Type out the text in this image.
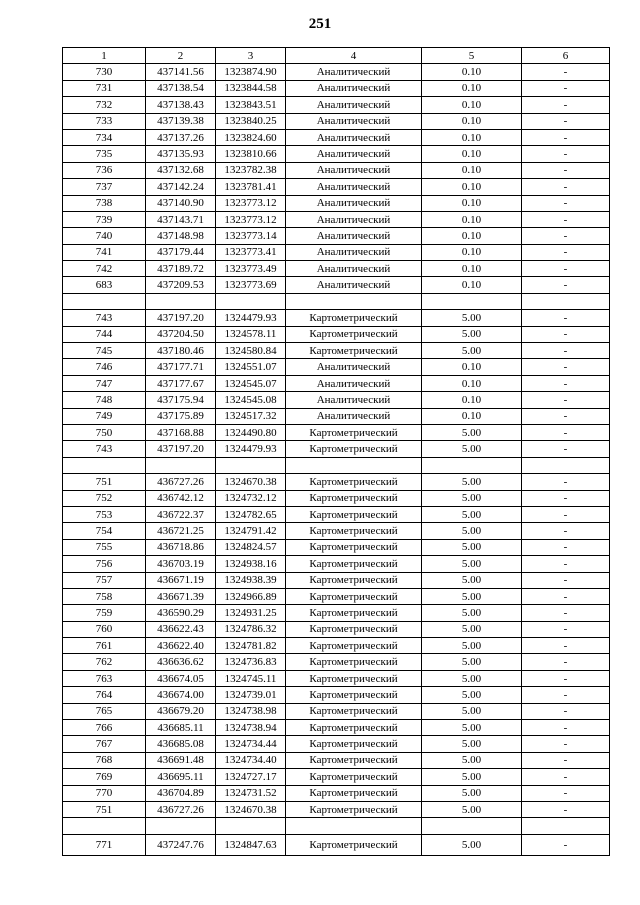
251
1	2	3	4	5	6
730	437141.56	1323874.90	Аналитический	0.10	-
731	437138.54	1323844.58	Аналитический	0.10	-
732	437138.43	1323843.51	Аналитический	0.10	-
733	437139.38	1323840.25	Аналитический	0.10	-
734	437137.26	1323824.60	Аналитический	0.10	-
735	437135.93	1323810.66	Аналитический	0.10	-
736	437132.68	1323782.38	Аналитический	0.10	-
737	437142.24	1323781.41	Аналитический	0.10	-
738	437140.90	1323773.12	Аналитический	0.10	-
739	437143.71	1323773.12	Аналитический	0.10	-
740	437148.98	1323773.14	Аналитический	0.10	-
741	437179.44	1323773.41	Аналитический	0.10	-
742	437189.72	1323773.49	Аналитический	0.10	-
683	437209.53	1323773.69	Аналитический	0.10	-

743	437197.20	1324479.93	Картометрический	5.00	-
744	437204.50	1324578.11	Картометрический	5.00	-
745	437180.46	1324580.84	Картометрический	5.00	-
746	437177.71	1324551.07	Аналитический	0.10	-
747	437177.67	1324545.07	Аналитический	0.10	-
748	437175.94	1324545.08	Аналитический	0.10	-
749	437175.89	1324517.32	Аналитический	0.10	-
750	437168.88	1324490.80	Картометрический	5.00	-
743	437197.20	1324479.93	Картометрический	5.00	-

751	436727.26	1324670.38	Картометрический	5.00	-
752	436742.12	1324732.12	Картометрический	5.00	-
753	436722.37	1324782.65	Картометрический	5.00	-
754	436721.25	1324791.42	Картометрический	5.00	-
755	436718.86	1324824.57	Картометрический	5.00	-
756	436703.19	1324938.16	Картометрический	5.00	-
757	436671.19	1324938.39	Картометрический	5.00	-
758	436671.39	1324966.89	Картометрический	5.00	-
759	436590.29	1324931.25	Картометрический	5.00	-
760	436622.43	1324786.32	Картометрический	5.00	-
761	436622.40	1324781.82	Картометрический	5.00	-
762	436636.62	1324736.83	Картометрический	5.00	-
763	436674.05	1324745.11	Картометрический	5.00	-
764	436674.00	1324739.01	Картометрический	5.00	-
765	436679.20	1324738.98	Картометрический	5.00	-
766	436685.11	1324738.94	Картометрический	5.00	-
767	436685.08	1324734.44	Картометрический	5.00	-
768	436691.48	1324734.40	Картометрический	5.00	-
769	436695.11	1324727.17	Картометрический	5.00	-
770	436704.89	1324731.52	Картометрический	5.00	-
751	436727.26	1324670.38	Картометрический	5.00	-

771	437247.76	1324847.63	Картометрический	5.00	-
